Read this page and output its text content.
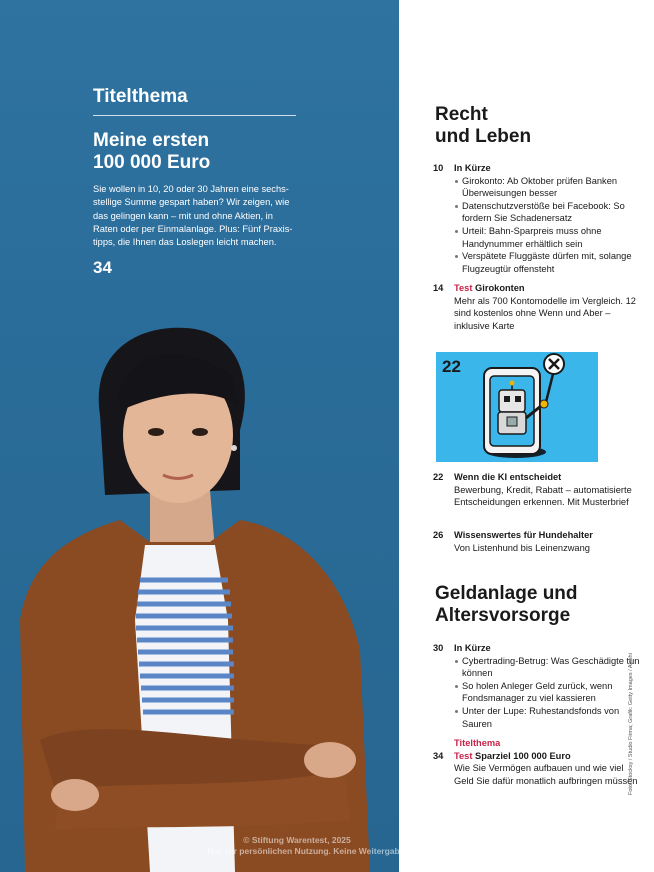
Titelthema
Meine ersten
100 000 Euro
Sie wollen in 10, 20 oder 30 Jahren eine sechsstellige Summe gespart haben? Wir zeigen, wie das gelingen kann – mit und ohne Aktien, in Raten oder per Einmalanlage. Plus: Fünf Praxistipps, die Ihnen das Loslegen leicht machen.
34
Recht
und Leben
10 In Kürze
Girokonto: Ab Oktober prüfen Banken Überweisungen besser
Datenschutzverstöße bei Facebook: So fordern Sie Schadenersatz
Urteil: Bahn-Sparpreis muss ohne Handynummer erhältlich sein
Verspätete Fluggäste dürfen mit, solange Flugzeugtür offensteht
14 Test Girokonten
Mehr als 700 Kontomodelle im Vergleich. 12 sind kostenlos ohne Wenn und Aber – inklusive Karte
22 Wenn die KI entscheidet
Bewerbung, Kredit, Rabatt – automatisierte Entscheidungen erkennen. Mit Musterbrief
26 Wissenswertes für Hundehalter
Von Listenhund bis Leinenzwang
Geldanlage und
Altersvorsorge
30 In Kürze
Cybertrading-Betrug: Was Geschädigte tun können
So holen Anleger Geld zurück, wenn Fondsmanager zu viel kassieren
Unter der Lupe: Ruhestandsfonds von Sauren
Titelthema
34 Test Sparziel 100 000 Euro
Wie Sie Vermögen aufbauen und wie viel Geld Sie dafür monatlich aufbringen müssen
22
Foto: Stocksy / Studio Firma; Grafik: Getty Images / Alashi
© Stiftung Warentest, 2025
Nur zur persönlichen Nutzung. Keine Weitergabe.
